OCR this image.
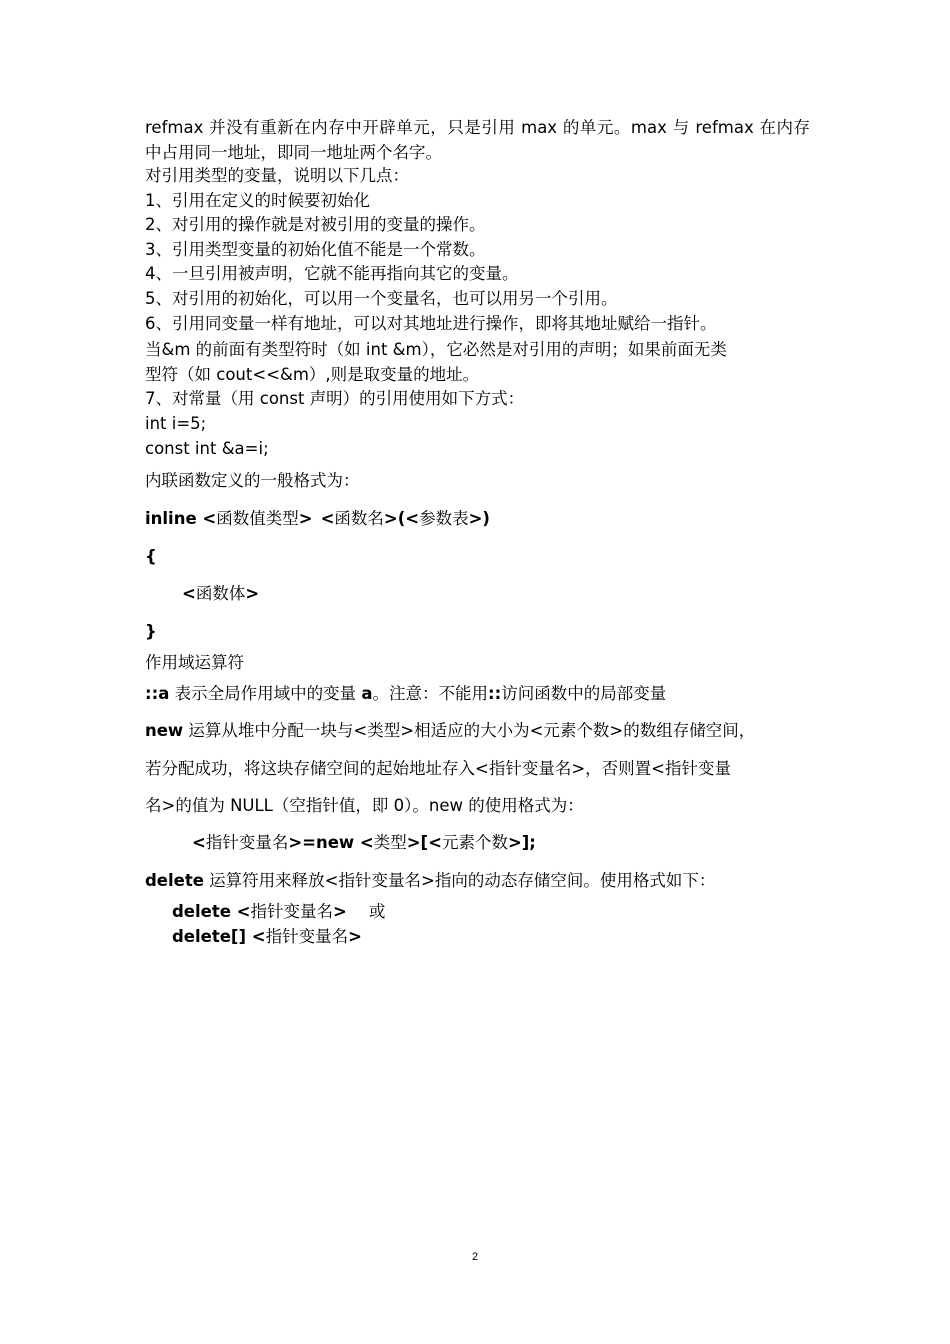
refmax 并没有重新在内存中开辟单元，只是引用 max 的单元。max 与 refmax 在内存中占用同一地址，即同一地址两个名字。

对引用类型的变量，说明以下几点：

1、引用在定义的时候要初始化

2、对引用的操作就是对被引用的变量的操作。

3、引用类型变量的初始化值不能是一个常数。

4、一旦引用被声明，它就不能再指向其它的变量。

5、对引用的初始化，可以用一个变量名，也可以用另一个引用。

6、引用同变量一样有地址，可以对其地址进行操作，即将其地址赋给一指针。

当&m 的前面有类型符时（如 int &m），它必然是对引用的声明；如果前面无类

型符（如 cout<<&m）,则是取变量的地址。

7、对常量（用 const 声明）的引用使用如下方式：

int i=5;

const int &a=i;

内联函数定义的一般格式为：

inline <函数值类型> <函数名>(<参数表>)

{

<函数体>

}

作用域运算符

::a 表示全局作用域中的变量 a。注意：不能用::访问函数中的局部变量

new 运算从堆中分配一块与<类型>相适应的大小为<元素个数>的数组存储空间，

若分配成功，将这块存储空间的起始地址存入<指针变量名>，否则置<指针变量

名>的值为 NULL（空指针值，即 0）。new 的使用格式为：

<指针变量名>=new <类型>[<元素个数>];

delete 运算符用来释放<指针变量名>指向的动态存储空间。使用格式如下：

delete <指针变量名> 或

delete[] <指针变量名>

2
